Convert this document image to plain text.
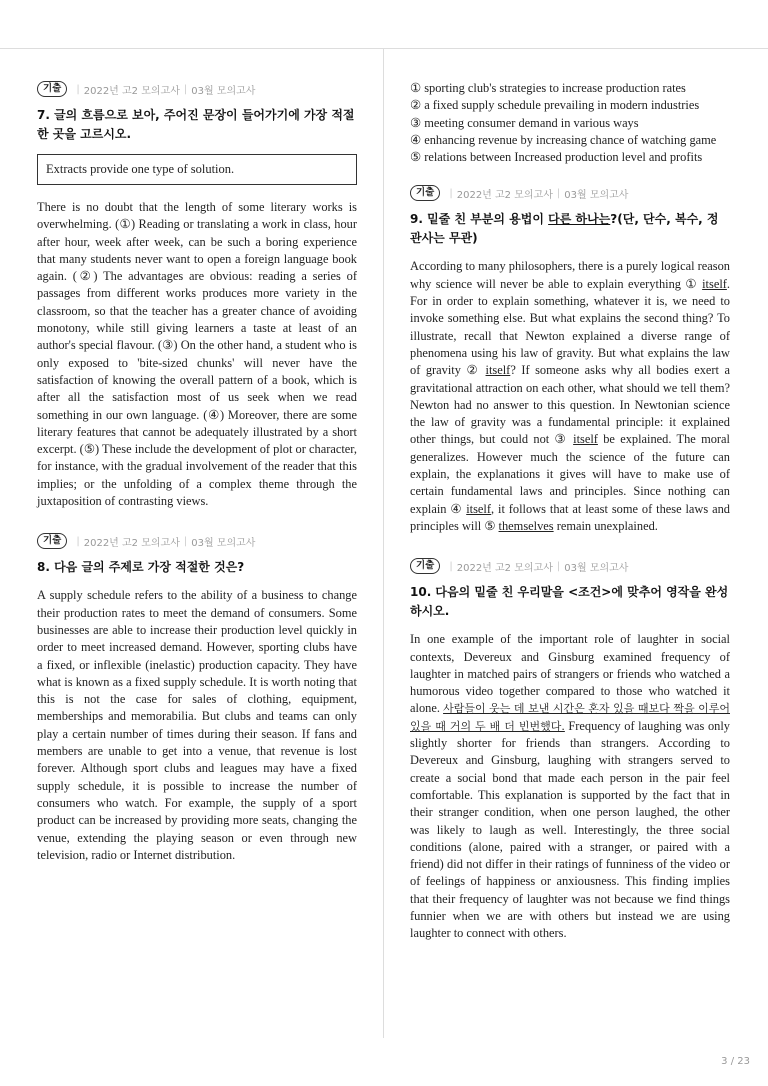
기출	| 2022년 고2 모의고사 | 03월 모의고사
7. 글의 흐름으로 보아, 주어진 문장이 들어가기에 가장 적절한 곳을 고르시오.
Extracts provide one type of solution.

There is no doubt that the length of some literary works is overwhelming. (①) Reading or translating a work in class, hour after hour, week after week, can be such a boring experience that many students never want to open a foreign language book again. (②) The advantages are obvious: reading a series of passages from different works produces more variety in the classroom, so that the teacher has a greater chance of avoiding monotony, while still giving learners a taste at least of an author's special flavour. (③) On the other hand, a student who is only exposed to 'bite-sized chunks' will never have the satisfaction of knowing the overall pattern of a book, which is after all the satisfaction most of us seek when we read something in our own language. (④) Moreover, there are some literary features that cannot be adequately illustrated by a short excerpt. (⑤) These include the development of plot or character, for instance, with the gradual involvement of the reader that this implies; or the unfolding of a complex theme through the juxtaposition of contrasting views.

기출	| 2022년 고2 모의고사 | 03월 모의고사
8. 다음 글의 주제로 가장 적절한 것은?

A supply schedule refers to the ability of a business to change their production rates to meet the demand of consumers. Some businesses are able to increase their production level quickly in order to meet increased demand. However, sporting clubs have a fixed, or inflexible (inelastic) production capacity. They have what is known as a fixed supply schedule. It is worth noting that this is not the case for sales of clothing, equipment, memberships and memorabilia. But clubs and teams can only play a certain number of times during their season. If fans and members are unable to get into a venue, that revenue is lost forever. Although sport clubs and leagues may have a fixed supply schedule, it is possible to increase the number of consumers who watch. For example, the supply of a sport product can be increased by providing more seats, changing the venue, extending the playing season or even through new television, radio or Internet distribution.

① sporting club's strategies to increase production rates
② a fixed supply schedule prevailing in modern industries
③ meeting consumer demand in various ways
④ enhancing revenue by increasing chance of watching game
⑤ relations between Increased production level and profits
기출	| 2022년 고2 모의고사 | 03월 모의고사
9. 밑줄 친 부분의 용법이 다른 하나는?(단, 단수, 복수, 정관사는 무관)

According to many philosophers, there is a purely logical reason why science will never be able to explain everything ① itself. For in order to explain something, whatever it is, we need to invoke something else. But what explains the second thing? To illustrate, recall that Newton explained a diverse range of phenomena using his law of gravity. But what explains the law of gravity ② itself? If someone asks why all bodies exert a gravitational attraction on each other, what should we tell them? Newton had no answer to this question. In Newtonian science the law of gravity was a fundamental principle: it explained other things, but could not ③ itself be explained. The moral generalizes. However much the science of the future can explain, the explanations it gives will have to make use of certain fundamental laws and principles. Since nothing can explain ④ itself, it follows that at least some of these laws and principles will ⑤ themselves remain unexplained.

기출	| 2022년 고2 모의고사 | 03월 모의고사
10. 다음의 밑줄 친 우리말을 <조건>에 맞추어 영작을 완성하시오.

In one example of the important role of laughter in social contexts, Devereux and Ginsburg examined frequency of laughter in matched pairs of strangers or friends who watched a humorous video together compared to those who watched it alone. 사람들이 웃는 데 보낸 시간은 혼자 있을 때보다 짝을 이루어 있을 때 거의 두 배 더 빈번했다. Frequency of laughing was only slightly shorter for friends than strangers. According to Devereux and Ginsburg, laughing with strangers served to create a social bond that made each person in the pair feel comfortable. This explanation is supported by the fact that in their stranger condition, when one person laughed, the other was likely to laugh as well. Interestingly, the three social conditions (alone, paired with a stranger, or paired with a friend) did not differ in their ratings of funniness of the video or of feelings of happiness or anxiousness. This finding implies that their frequency of laughter was not because we find things funnier when we are with others but instead we are using laughter to connect with others.

3 / 23
